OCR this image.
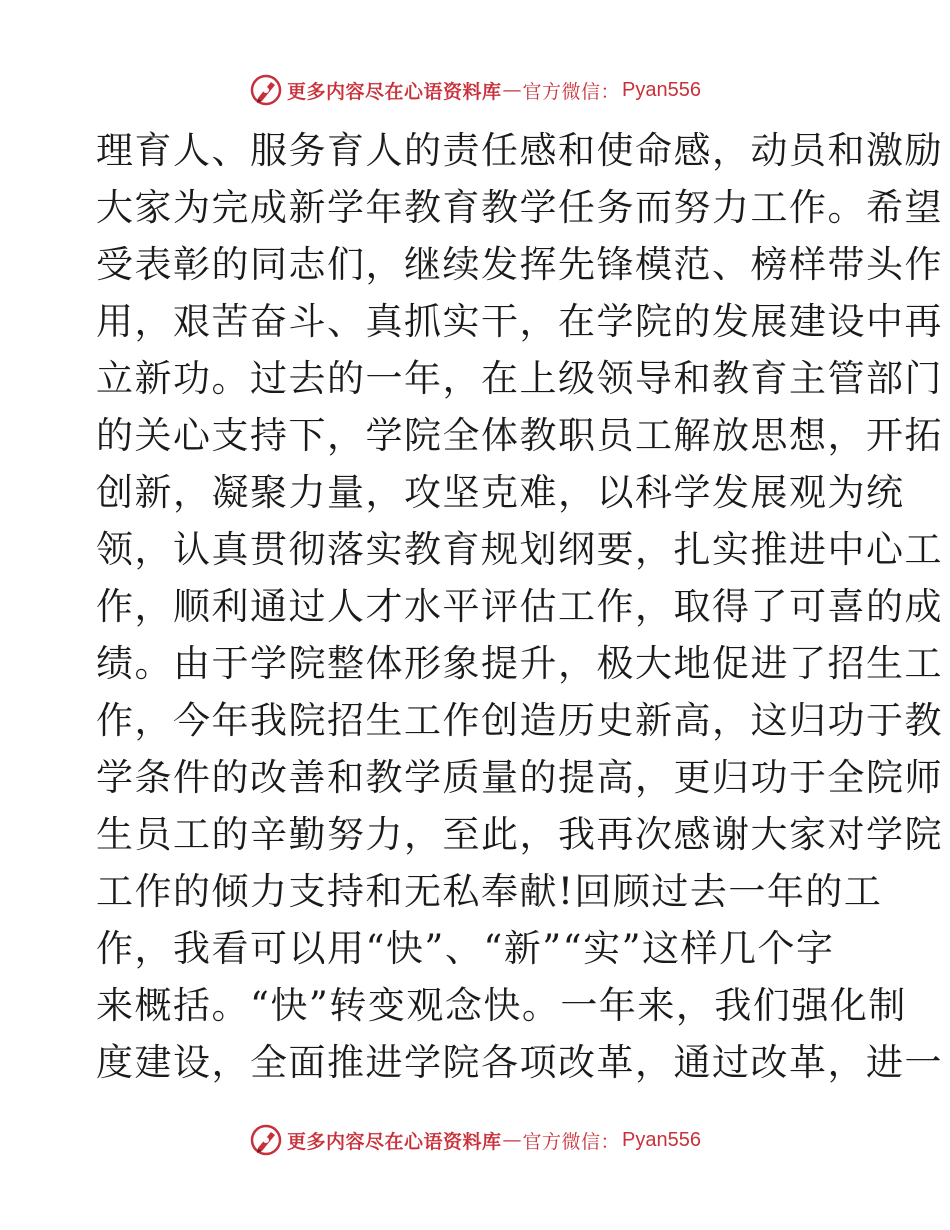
更多内容尽在心语资料库 — 官方微信： Pyan556
理育人、服务育人的责任感和使命感，动员和激励
大家为完成新学年教育教学任务而努力工作。希望
受表彰的同志们，继续发挥先锋模范、榜样带头作
用，艰苦奋斗、真抓实干，在学院的发展建设中再
立新功。过去的一年，在上级领导和教育主管部门
的关心支持下，学院全体教职员工解放思想，开拓
创新，凝聚力量，攻坚克难，以科学发展观为统
领，认真贯彻落实教育规划纲要，扎实推进中心工
作，顺利通过人才水平评估工作，取得了可喜的成
绩。由于学院整体形象提升，极大地促进了招生工
作，今年我院招生工作创造历史新高，这归功于教
学条件的改善和教学质量的提高，更归功于全院师
生员工的辛勤努力，至此，我再次感谢大家对学院
工作的倾力支持和无私奉献!回顾过去一年的工
作，我看可以用“快”、“新”“实”这样几个字
来概括。“快”转变观念快。一年来，我们强化制
度建设，全面推进学院各项改革，通过改革，进一
更多内容尽在心语资料库 — 官方微信： Pyan556
